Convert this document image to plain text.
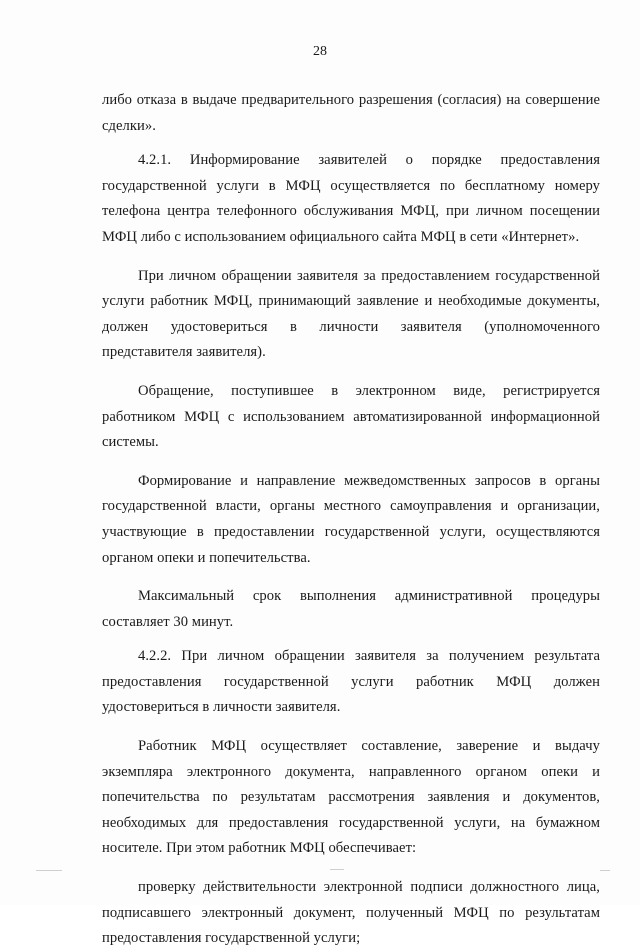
28

либо отказа в выдаче предварительного разрешения (согласия) на совершение сделки».

4.2.1. Информирование заявителей о порядке предоставления государственной услуги в МФЦ осуществляется по бесплатному номеру телефона центра телефонного обслуживания МФЦ, при личном посещении МФЦ либо с использованием официального сайта МФЦ в сети «Интернет».

При личном обращении заявителя за предоставлением государственной услуги работник МФЦ, принимающий заявление и необходимые документы, должен удостовериться в личности заявителя (уполномоченного представителя заявителя).

Обращение, поступившее в электронном виде, регистрируется работником МФЦ с использованием автоматизированной информационной системы.

Формирование и направление межведомственных запросов в органы государственной власти, органы местного самоуправления и организации, участвующие в предоставлении государственной услуги, осуществляются органом опеки и попечительства.

Максимальный срок выполнения административной процедуры составляет 30 минут.

4.2.2. При личном обращении заявителя за получением результата предоставления государственной услуги работник МФЦ должен удостовериться в личности заявителя.

Работник МФЦ осуществляет составление, заверение и выдачу экземпляра электронного документа, направленного органом опеки и попечительства по результатам рассмотрения заявления и документов, необходимых для предоставления государственной услуги, на бумажном носителе. При этом работник МФЦ обеспечивает:

проверку действительности электронной подписи должностного лица, подписавшего электронный документ, полученный МФЦ по результатам предоставления государственной услуги;
